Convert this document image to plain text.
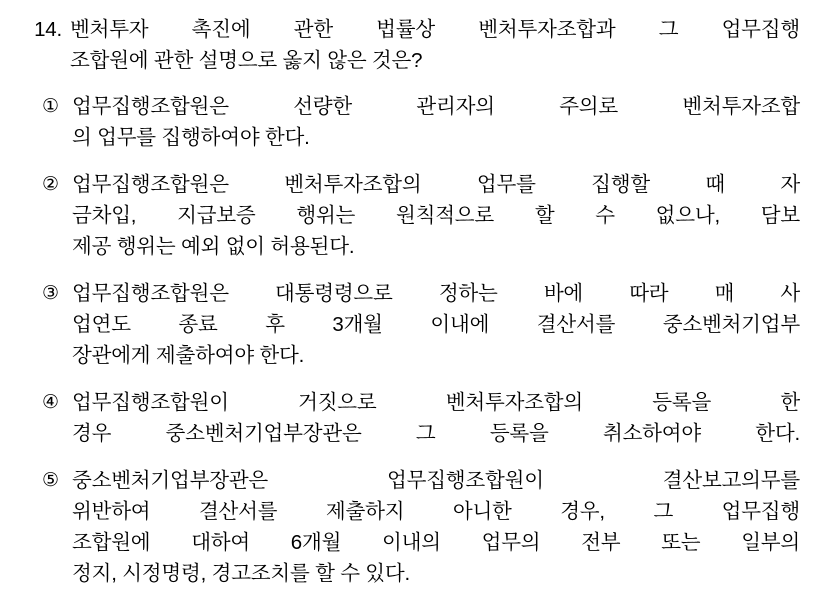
14. 벤처투자 촉진에 관한 법률상 벤처투자조합과 그 업무집행
조합원에 관한 설명으로 옳지 않은 것은?
① 업무집행조합원은 선량한 관리자의 주의로 벤처투자조합
의 업무를 집행하여야 한다.
② 업무집행조합원은 벤처투자조합의 업무를 집행할 때 자
금차입, 지급보증 행위는 원칙적으로 할 수 없으나, 담보
제공 행위는 예외 없이 허용된다.
③ 업무집행조합원은 대통령령으로 정하는 바에 따라 매 사
업연도 종료 후 3개월 이내에 결산서를 중소벤처기업부
장관에게 제출하여야 한다.
④ 업무집행조합원이 거짓으로 벤처투자조합의 등록을 한
경우 중소벤처기업부장관은 그 등록을 취소하여야 한다.
⑤ 중소벤처기업부장관은 업무집행조합원이 결산보고의무를
위반하여 결산서를 제출하지 아니한 경우, 그 업무집행
조합원에 대하여 6개월 이내의 업무의 전부 또는 일부의
정지, 시정명령, 경고조치를 할 수 있다.
